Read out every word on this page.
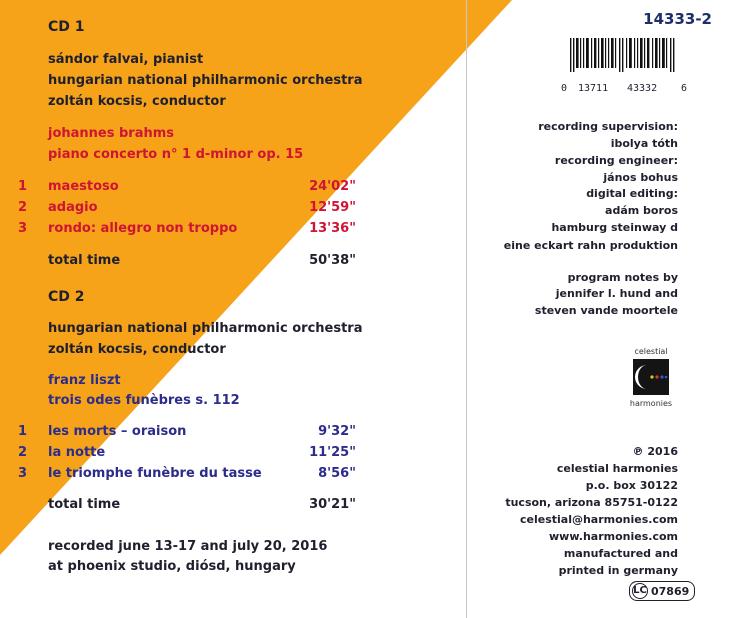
CD 1
sándor falvai, pianist
hungarian national philharmonic orchestra
zoltán kocsis, conductor
johannes brahms
piano concerto n° 1 d-minor op. 15
1 maestoso	24'02"
2 adagio	12'59"
3 rondo: allegro non troppo	13'36"
total time	50'38"
CD 2
hungarian national philharmonic orchestra
zoltán kocsis, conductor
franz liszt
trois odes funèbres s. 112
1 les morts – oraison	9'32"
2 la notte	11'25"
3 le triomphe funèbre du tasse	8'56"
total time	30'21"
recorded june 13-17 and july 20, 2016
at phoenix studio, diósd, hungary
14333-2
0 13711 43332 6
recording supervision:
ibolya tóth
recording engineer:
jános bohus
digital editing:
adám boros
hamburg steinway d
eine eckart rahn produktion
program notes by
jennifer l. hund and
steven vande moortele
celestial
harmonies
℗ 2016
celestial harmonies
p.o. box 30122
tucson, arizona 85751-0122
celestial@harmonies.com
www.harmonies.com
manufactured and
printed in germany
LC 07869
